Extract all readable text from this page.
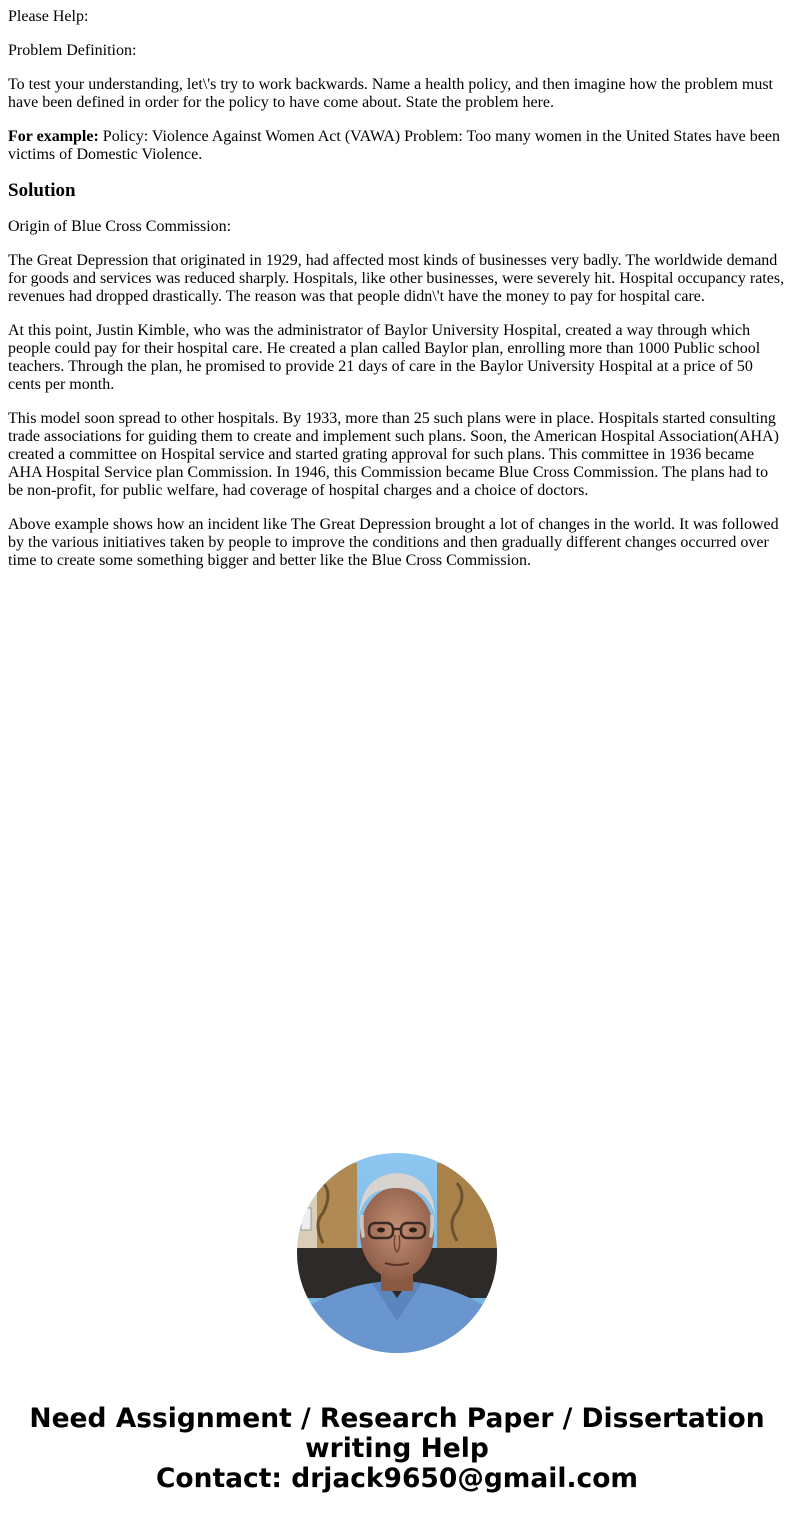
Please Help:

Problem Definition:

To test your understanding, let\'s try to work backwards. Name a health policy, and then imagine how the problem must have been defined in order for the policy to have come about. State the problem here.

For example: Policy: Violence Against Women Act (VAWA) Problem: Too many women in the United States have been victims of Domestic Violence.

Solution

Origin of Blue Cross Commission:

The Great Depression that originated in 1929, had affected most kinds of businesses very badly. The worldwide demand for goods and services was reduced sharply. Hospitals, like other businesses, were severely hit. Hospital occupancy rates, revenues had dropped drastically. The reason was that people didn\'t have the money to pay for hospital care.

At this point, Justin Kimble, who was the administrator of Baylor University Hospital, created a way through which people could pay for their hospital care. He created a plan called Baylor plan, enrolling more than 1000 Public school teachers. Through the plan, he promised to provide 21 days of care in the Baylor University Hospital at a price of 50 cents per month.

This model soon spread to other hospitals. By 1933, more than 25 such plans were in place. Hospitals started consulting trade associations for guiding them to create and implement such plans. Soon, the American Hospital Association(AHA) created a committee on Hospital service and started grating approval for such plans. This committee in 1936 became AHA Hospital Service plan Commission. In 1946, this Commission became Blue Cross Commission. The plans had to be non-profit, for public welfare, had coverage of hospital charges and a choice of doctors.

Above example shows how an incident like The Great Depression brought a lot of changes in the world. It was followed by the various initiatives taken by people to improve the conditions and then gradually different changes occurred over time to create some something bigger and better like the Blue Cross Commission.

Need Assignment / Research Paper / Dissertation
writing Help
Contact: drjack9650@gmail.com
